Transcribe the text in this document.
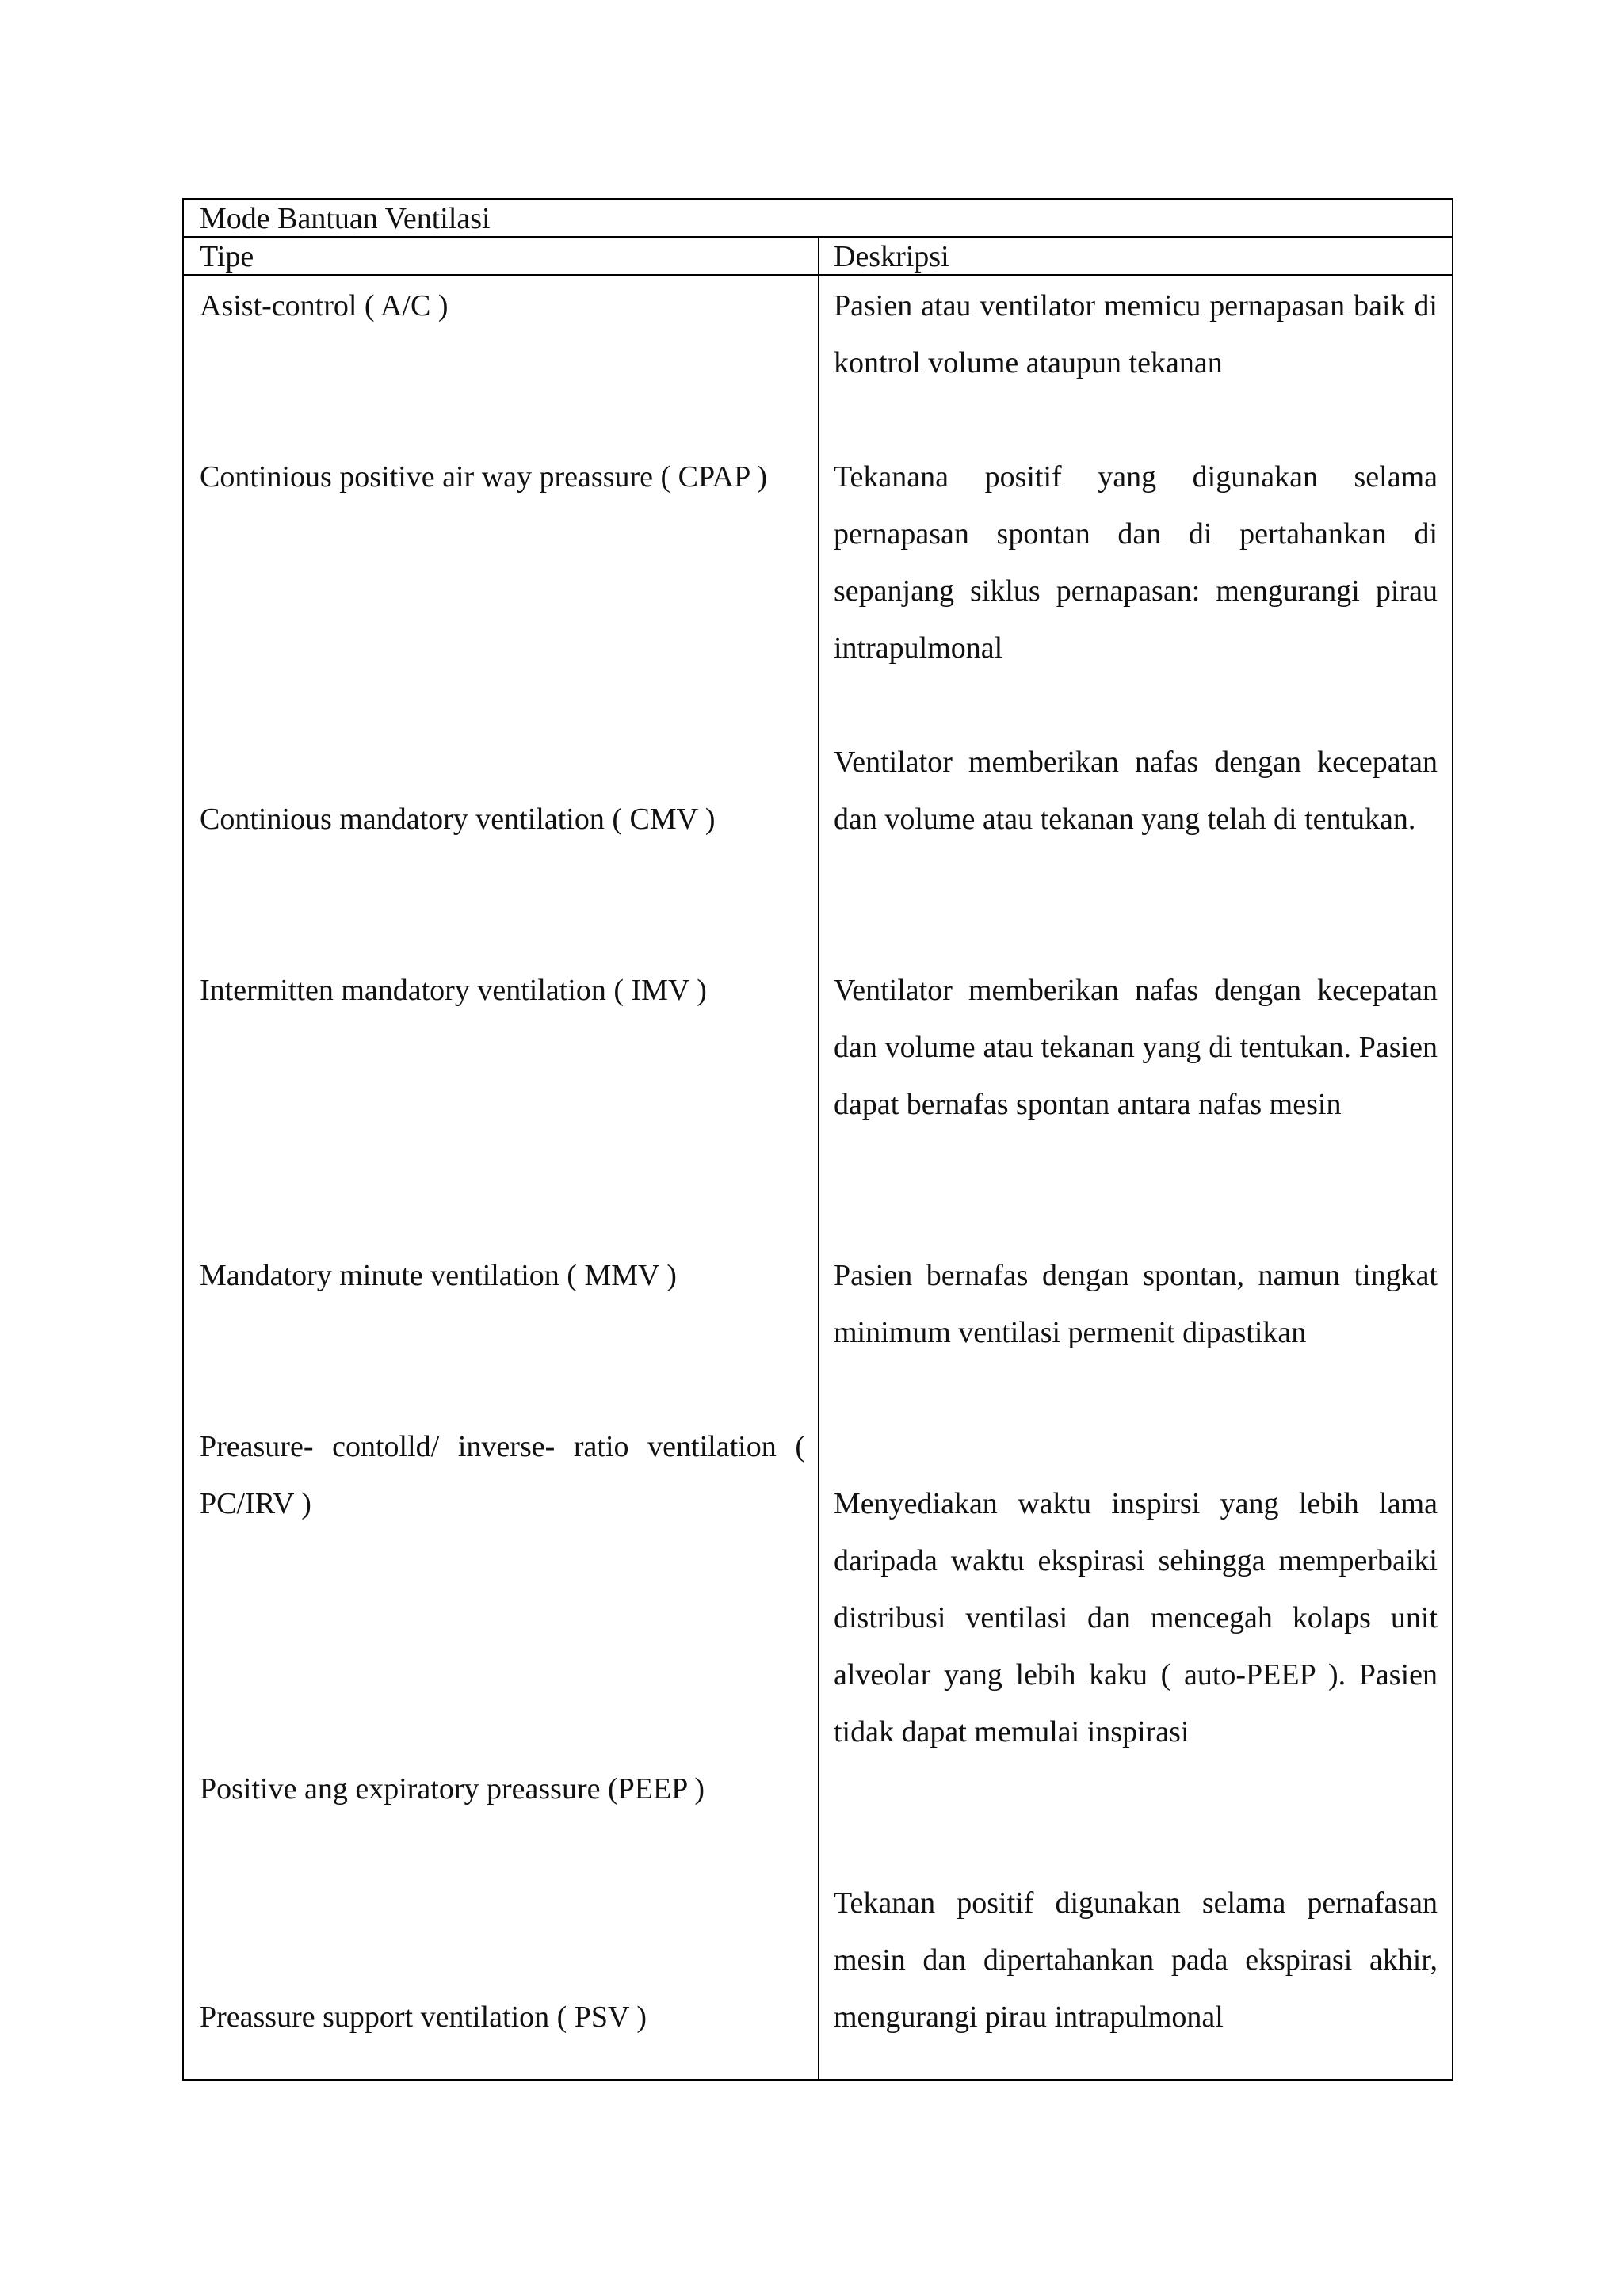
Mode Bantuan Ventilasi
Tipe	Deskripsi
Asist-control ( A/C )
Continious positive air way preassure ( CPAP )
Continious mandatory ventilation ( CMV )
Intermitten mandatory ventilation ( IMV )
Mandatory minute ventilation ( MMV )
Preasure- contolld/ inverse- ratio ventilation ( PC/IRV )
Positive ang expiratory preassure (PEEP )
Preassure support ventilation ( PSV )
Pasien atau ventilator memicu pernapasan baik di kontrol volume ataupun tekanan
Tekanana positif yang digunakan selama pernapasan spontan dan di pertahankan di sepanjang siklus pernapasan: mengurangi pirau intrapulmonal
Ventilator memberikan nafas dengan kecepatan dan volume atau tekanan yang telah di tentukan.
Ventilator memberikan nafas dengan kecepatan dan volume atau tekanan yang di tentukan. Pasien dapat bernafas spontan antara nafas mesin
Pasien bernafas dengan spontan, namun tingkat minimum ventilasi permenit dipastikan
Menyediakan waktu inspirsi yang lebih lama daripada waktu ekspirasi sehingga memperbaiki distribusi ventilasi dan mencegah kolaps unit alveolar yang lebih kaku ( auto-PEEP ). Pasien tidak dapat memulai inspirasi
Tekanan positif digunakan selama pernafasan mesin dan dipertahankan pada ekspirasi akhir, mengurangi pirau intrapulmonal
